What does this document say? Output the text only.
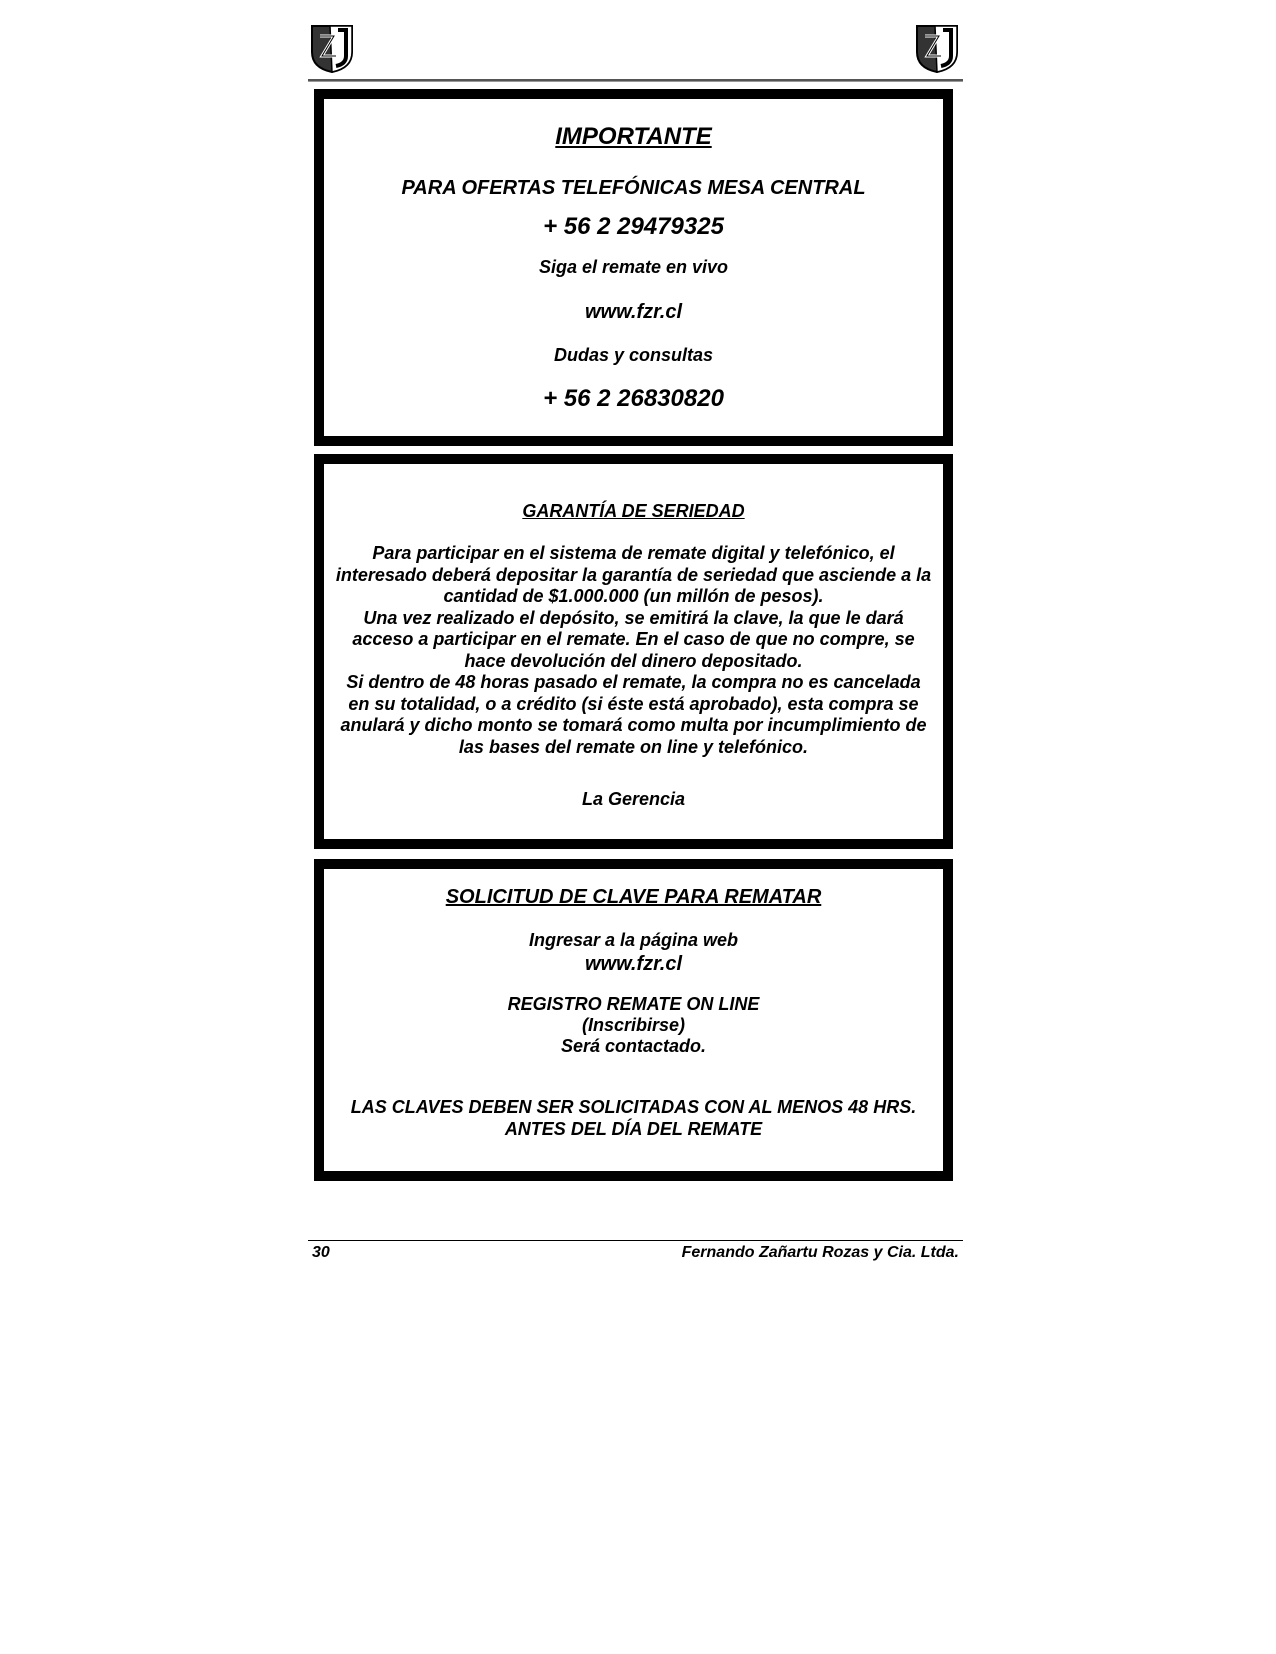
IMPORTANTE
PARA OFERTAS TELEFÓNICAS MESA CENTRAL
+ 56 2 29479325
Siga el remate en vivo
www.fzr.cl
Dudas y consultas
+ 56 2 26830820
GARANTÍA DE SERIEDAD
Para participar en el sistema de remate digital y telefónico, el
interesado deberá depositar la garantía de seriedad que asciende a la
cantidad de $1.000.000 (un millón de pesos).
Una vez realizado el depósito, se emitirá la clave, la que le dará
acceso a participar en el remate. En el caso de que no compre, se
hace devolución del dinero depositado.
Si dentro de 48 horas pasado el remate, la compra no es cancelada
en su totalidad, o a crédito (si éste está aprobado), esta compra se
anulará y dicho monto se tomará como multa por incumplimiento de
las bases del remate on line y telefónico.
La Gerencia
SOLICITUD DE CLAVE PARA REMATAR
Ingresar a la página web
www.fzr.cl
REGISTRO REMATE ON LINE
(Inscribirse)
Será contactado.
LAS CLAVES DEBEN SER SOLICITADAS CON AL MENOS 48 HRS.
ANTES DEL DÍA DEL REMATE
30	Fernando Zañartu Rozas y Cia. Ltda.
